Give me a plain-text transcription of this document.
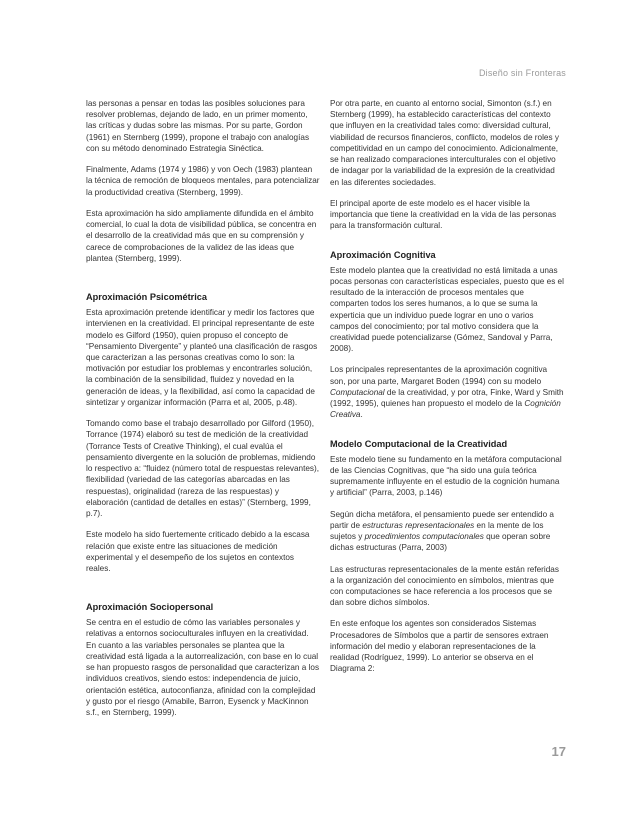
Diseño sin Fronteras

las personas a pensar en todas las posibles soluciones para resolver problemas, dejando de lado, en un primer momento, las críticas y dudas sobre las mismas. Por su parte, Gordon (1961) en Sternberg (1999), propone el trabajo con analogías con su método denominado Estrategia Sinéctica.

Finalmente, Adams (1974 y 1986) y von Oech (1983) plantean la técnica de remoción de bloqueos mentales, para potencializar la productividad creativa (Sternberg, 1999).

Esta aproximación ha sido ampliamente difundida en el ámbito comercial, lo cual la dota de visibilidad pública, se concentra en el desarrollo de la creatividad más que en su comprensión y carece de comprobaciones de la validez de las ideas que plantea (Sternberg, 1999).

Aproximación Psicométrica

Esta aproximación pretende identificar y medir los factores que intervienen en la creatividad. El principal representante de este modelo es Gilford (1950), quien propuso el concepto de “Pensamiento Divergente” y planteó una clasificación de rasgos que caracterizan a las personas creativas como lo son: la motivación por estudiar los problemas y encontrarles solución, la combinación de la sensibilidad, fluidez y novedad en la generación de ideas, y la flexibilidad, así como la capacidad de sintetizar y organizar información (Parra et al, 2005, p.48).

Tomando como base el trabajo desarrollado por Gilford (1950), Torrance (1974) elaboró su test de medición de la creatividad (Torrance Tests of Creative Thinking), el cual evalúa el pensamiento divergente en la solución de problemas, midiendo lo respectivo a: “fluidez (número total de respuestas relevantes), flexibilidad (variedad de las categorías abarcadas en las respuestas), originalidad (rareza de las respuestas) y elaboración (cantidad de detalles en estas)” (Sternberg, 1999, p.7).

Este modelo ha sido fuertemente criticado debido a la escasa relación que existe entre las situaciones de medición experimental y el desempeño de los sujetos en contextos reales.

Aproximación Sociopersonal

Se centra en el estudio de cómo las variables personales y relativas a entornos socioculturales influyen en la creatividad. En cuanto a las variables personales se plantea que la creatividad está ligada a la autorrealización, con base en lo cual se han propuesto rasgos de personalidad que caracterizan a los individuos creativos, siendo estos: independencia de juicio, orientación estética, autoconfianza, afinidad con la complejidad y gusto por el riesgo (Amabile, Barron, Eysenck y MacKinnon s.f., en Sternberg, 1999).

Por otra parte, en cuanto al entorno social, Simonton (s.f.) en Sternberg (1999), ha establecido características del contexto que influyen en la creatividad tales como: diversidad cultural, viabilidad de recursos financieros, conflicto, modelos de roles y competitividad en un campo del conocimiento. Adicionalmente, se han realizado comparaciones interculturales con el objetivo de indagar por la variabilidad de la expresión de la creatividad en las diferentes sociedades.

El principal aporte de este modelo es el hacer visible la importancia que tiene la creatividad en la vida de las personas para la transformación cultural.

Aproximación Cognitiva

Este modelo plantea que la creatividad no está limitada a unas pocas personas con características especiales, puesto que es el resultado de la interacción de procesos mentales que comparten todos los seres humanos, a lo que se suma la experticia que un individuo puede lograr en uno o varios campos del conocimiento; por tal motivo considera que la creatividad puede potencializarse (Gómez, Sandoval y Parra, 2008).

Los principales representantes de la aproximación cognitiva son, por una parte, Margaret Boden (1994) con su modelo Computacional de la creatividad, y por otra, Finke, Ward y Smith (1992, 1995), quienes han propuesto el modelo de la Cognición Creativa.

Modelo Computacional de la Creatividad

Este modelo tiene su fundamento en la metáfora computacional de las Ciencias Cognitivas, que “ha sido una guía teórica supremamente influyente en el estudio de la cognición humana y artificial” (Parra, 2003, p.146)

Según dicha metáfora, el pensamiento puede ser entendido a partir de estructuras representacionales en la mente de los sujetos y procedimientos computacionales que operan sobre dichas estructuras (Parra, 2003)

Las estructuras representacionales de la mente están referidas a la organización del conocimiento en símbolos, mientras que con computaciones se hace referencia a los procesos que se dan sobre dichos símbolos.

En este enfoque los agentes son considerados Sistemas Procesadores de Símbolos que a partir de sensores extraen información del medio y elaboran representaciones de la realidad (Rodríguez, 1999). Lo anterior se observa en el Diagrama 2:

17
